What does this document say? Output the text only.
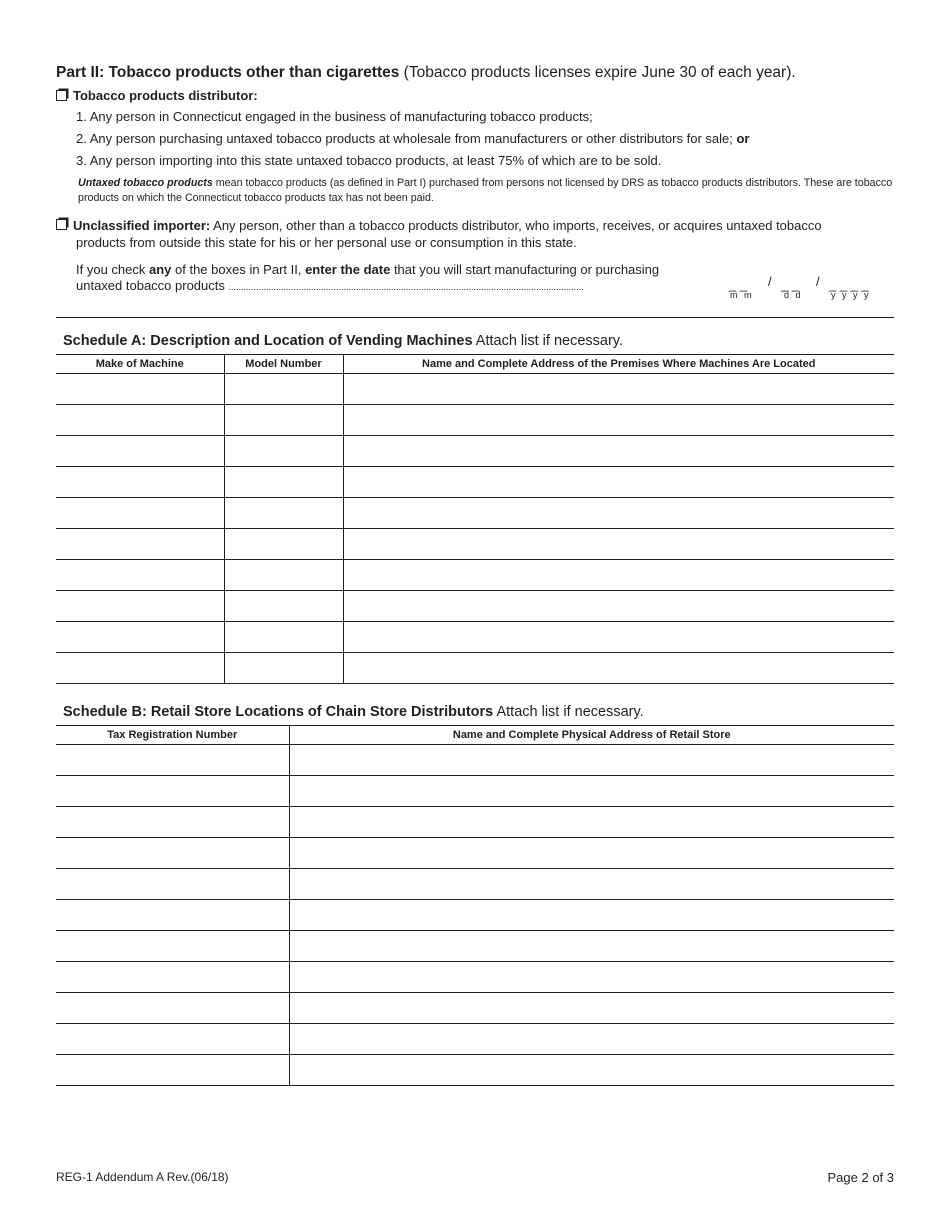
Part II: Tobacco products other than cigarettes (Tobacco products licenses expire June 30 of each year).
Tobacco products distributor:
1. Any person in Connecticut engaged in the business of manufacturing tobacco products;
2. Any person purchasing untaxed tobacco products at wholesale from manufacturers or other distributors for sale; or
3. Any person importing into this state untaxed tobacco products, at least 75% of which are to be sold.
Untaxed tobacco products mean tobacco products (as defined in Part I) purchased from persons not licensed by DRS as tobacco products distributors. These are tobacco products on which the Connecticut tobacco products tax has not been paid.
Unclassified importer: Any person, other than a tobacco products distributor, who imports, receives, or acquires untaxed tobacco
products from outside this state for his or her personal use or consumption in this state.
If you check any of the boxes in Part II, enter the date that you will start manufacturing or purchasing
untaxed tobacco products ..............................................................................................................................................	_ _ / _ _ / _ _ _ _
m m	d d	y y y y
Schedule A: Description and Location of Vending Machines Attach list if necessary.
Make of Machine	Model Number	Name and Complete Address of the Premises Where Machines Are Located

Schedule B: Retail Store Locations of Chain Store Distributors Attach list if necessary.
Tax Registration Number	Name and Complete Physical Address of Retail Store

REG-1 Addendum A Rev.(06/18)	Page 2 of 3
